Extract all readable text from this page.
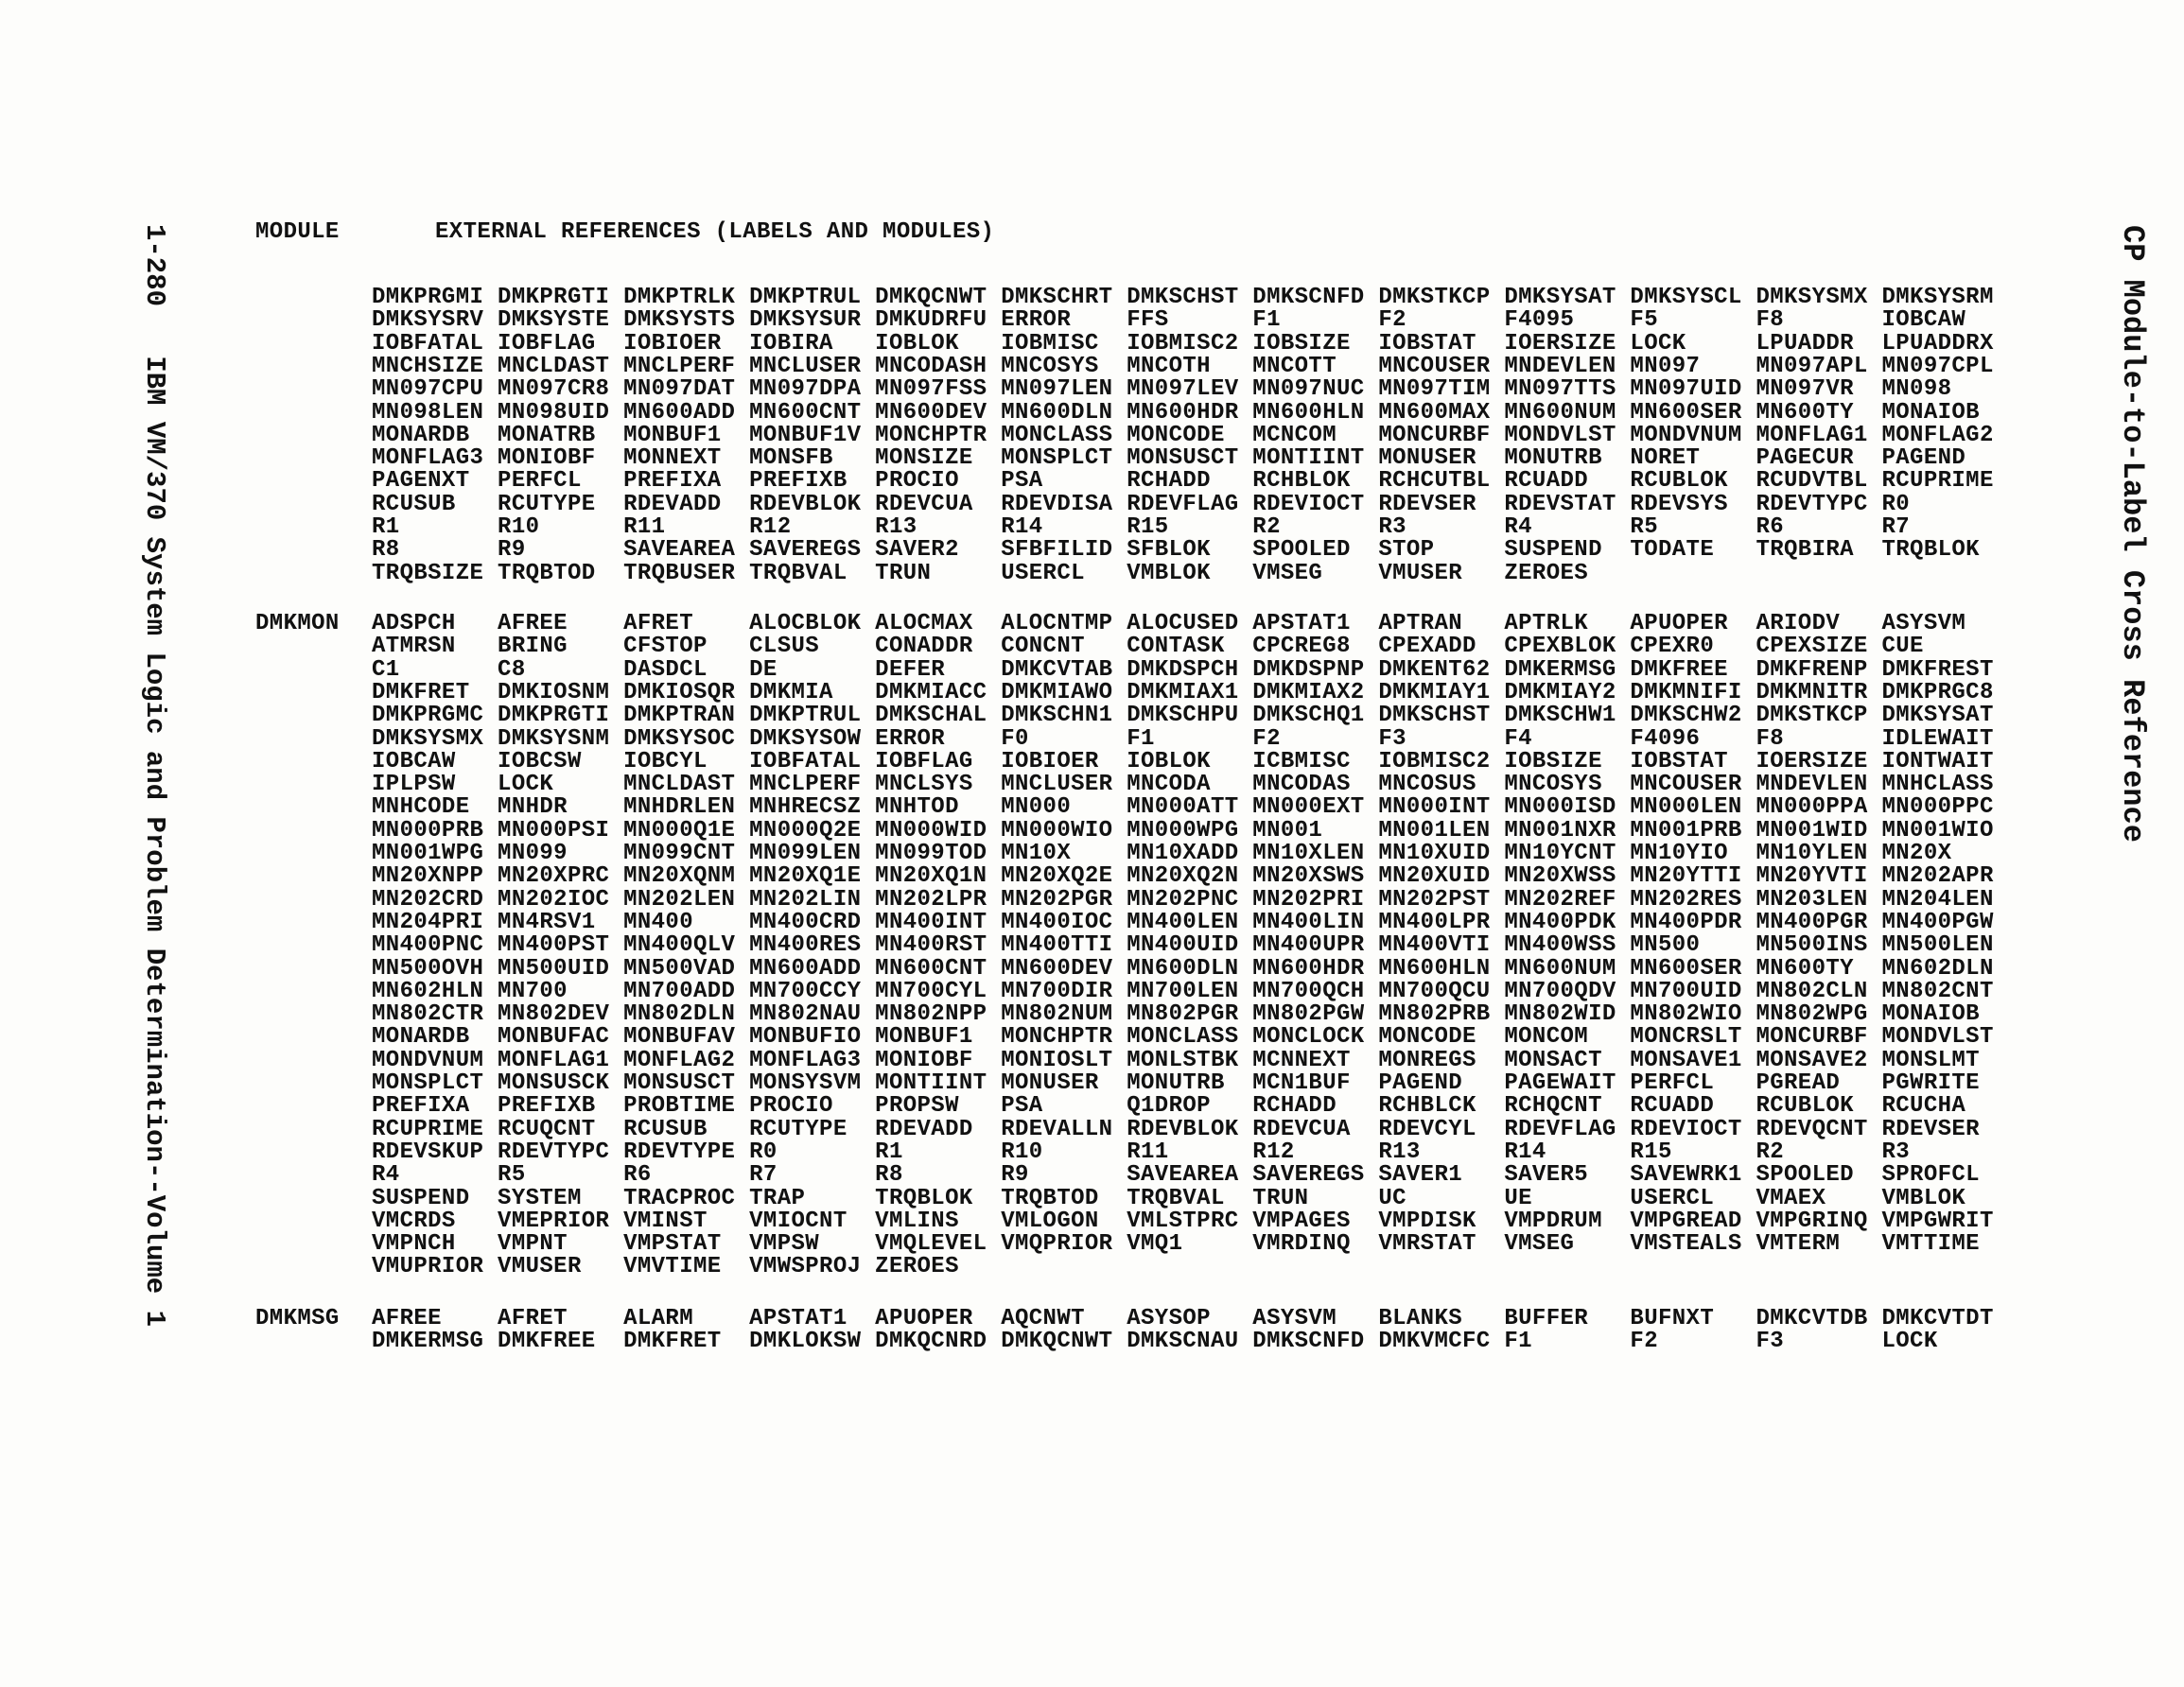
1-280   IBM VM/370 System Logic and Problem Determination--Volume 1	CP Module-to-Label Cross Reference
MODULE	EXTERNAL REFERENCES (LABELS AND MODULES)
DMKPRGMI DMKPRGTI DMKPTRLK DMKPTRUL DMKQCNWT DMKSCHRT DMKSCHST DMKSCNFD DMKSTKCP DMKSYSAT DMKSYSCL DMKSYSMX DMKSYSRM
DMKSYSRV DMKSYSTE DMKSYSTS DMKSYSUR DMKUDRFU ERROR    FFS      F1       F2       F4095    F5       F8       IOBCAW
IOBFATAL IOBFLAG  IOBIOER  IOBIRA   IOBLOK   IOBMISC  IOBMISC2 IOBSIZE  IOBSTAT  IOERSIZE LOCK     LPUADDR  LPUADDRX
MNCHSIZE MNCLDAST MNCLPERF MNCLUSER MNCODASH MNCOSYS  MNCOTH   MNCOTT   MNCOUSER MNDEVLEN MN097    MN097APL MN097CPL
MN097CPU MN097CR8 MN097DAT MN097DPA MN097FSS MN097LEN MN097LEV MN097NUC MN097TIM MN097TTS MN097UID MN097VR  MN098
MN098LEN MN098UID MN600ADD MN600CNT MN600DEV MN600DLN MN600HDR MN600HLN MN600MAX MN600NUM MN600SER MN600TY  MONAIOB
MONARDB  MONATRB  MONBUF1  MONBUF1V MONCHPTR MONCLASS MONCODE  MCNCOM   MONCURBF MONDVLST MONDVNUM MONFLAG1 MONFLAG2
MONFLAG3 MONIOBF  MONNEXT  MONSFB   MONSIZE  MONSPLCT MONSUSCT MONTIINT MONUSER  MONUTRB  NORET    PAGECUR  PAGEND
PAGENXT  PERFCL   PREFIXA  PREFIXB  PROCIO   PSA      RCHADD   RCHBLOK  RCHCUTBL RCUADD   RCUBLOK  RCUDVTBL RCUPRIME
RCUSUB   RCUTYPE  RDEVADD  RDEVBLOK RDEVCUA  RDEVDISA RDEVFLAG RDEVIOCT RDEVSER  RDEVSTAT RDEVSYS  RDEVTYPC R0
R1       R10      R11      R12      R13      R14      R15      R2       R3       R4       R5       R6       R7
R8       R9       SAVEAREA SAVEREGS SAVER2   SFBFILID SFBLOK   SPOOLED  STOP     SUSPEND  TODATE   TRQBIRA  TRQBLOK
TRQBSIZE TRQBTOD  TRQBUSER TRQBVAL  TRUN     USERCL   VMBLOK   VMSEG    VMUSER   ZEROES
DMKMON ADSPCH   AFREE    AFRET    ALOCBLOK ALOCMAX  ALOCNTMP ALOCUSED APSTAT1  APTRAN   APTRLK   APUOPER  ARIODV   ASYSVM
ATMRSN   BRING    CFSTOP   CLSUS    CONADDR  CONCNT   CONTASK  CPCREG8  CPEXADD  CPEXBLOK CPEXR0   CPEXSIZE CUE
C1       C8       DASDCL   DE       DEFER    DMKCVTAB DMKDSPCH DMKDSPNP DMKENT62 DMKERMSG DMKFREE  DMKFRENP DMKFREST
DMKFRET  DMKIOSNM DMKIOSQR DMKMIA   DMKMIACC DMKMIAWO DMKMIAX1 DMKMIAX2 DMKMIAY1 DMKMIAY2 DMKMNIFI DMKMNITR DMKPRGC8
DMKPRGMC DMKPRGTI DMKPTRAN DMKPTRUL DMKSCHAL DMKSCHN1 DMKSCHPU DMKSCHQ1 DMKSCHST DMKSCHW1 DMKSCHW2 DMKSTKCP DMKSYSAT
DMKSYSMX DMKSYSNM DMKSYSOC DMKSYSOW ERROR    F0       F1       F2       F3       F4       F4096    F8       IDLEWAIT
IOBCAW   IOBCSW   IOBCYL   IOBFATAL IOBFLAG  IOBIOER  IOBLOK   ICBMISC  IOBMISC2 IOBSIZE  IOBSTAT  IOERSIZE IONTWAIT
IPLPSW   LOCK     MNCLDAST MNCLPERF MNCLSYS  MNCLUSER MNCODA   MNCODAS  MNCOSUS  MNCOSYS  MNCOUSER MNDEVLEN MNHCLASS
MNHCODE  MNHDR    MNHDRLEN MNHRECSZ MNHTOD   MN000    MN000ATT MN000EXT MN000INT MN000ISD MN000LEN MN000PPA MN000PPC
MN000PRB MN000PSI MN000Q1E MN000Q2E MN000WID MN000WIO MN000WPG MN001    MN001LEN MN001NXR MN001PRB MN001WID MN001WIO
MN001WPG MN099    MN099CNT MN099LEN MN099TOD MN10X    MN10XADD MN10XLEN MN10XUID MN10YCNT MN10YIO  MN10YLEN MN20X
MN20XNPP MN20XPRC MN20XQNM MN20XQ1E MN20XQ1N MN20XQ2E MN20XQ2N MN20XSWS MN20XUID MN20XWSS MN20YTTI MN20YVTI MN202APR
MN202CRD MN202IOC MN202LEN MN202LIN MN202LPR MN202PGR MN202PNC MN202PRI MN202PST MN202REF MN202RES MN203LEN MN204LEN
MN204PRI MN4RSV1  MN400    MN400CRD MN400INT MN400IOC MN400LEN MN400LIN MN400LPR MN400PDK MN400PDR MN400PGR MN400PGW
MN400PNC MN400PST MN400QLV MN400RES MN400RST MN400TTI MN400UID MN400UPR MN400VTI MN400WSS MN500    MN500INS MN500LEN
MN500OVH MN500UID MN500VAD MN600ADD MN600CNT MN600DEV MN600DLN MN600HDR MN600HLN MN600NUM MN600SER MN600TY  MN602DLN
MN602HLN MN700    MN700ADD MN700CCY MN700CYL MN700DIR MN700LEN MN700QCH MN700QCU MN700QDV MN700UID MN802CLN MN802CNT
MN802CTR MN802DEV MN802DLN MN802NAU MN802NPP MN802NUM MN802PGR MN802PGW MN802PRB MN802WID MN802WIO MN802WPG MONAIOB
MONARDB  MONBUFAC MONBUFAV MONBUFIO MONBUF1  MONCHPTR MONCLASS MONCLOCK MONCODE  MONCOM   MONCRSLT MONCURBF MONDVLST
MONDVNUM MONFLAG1 MONFLAG2 MONFLAG3 MONIOBF  MONIOSLT MONLSTBK MCNNEXT  MONREGS  MONSACT  MONSAVE1 MONSAVE2 MONSLMT
MONSPLCT MONSUSCK MONSUSCT MONSYSVM MONTIINT MONUSER  MONUTRB  MCN1BUF  PAGEND   PAGEWAIT PERFCL   PGREAD   PGWRITE
PREFIXA  PREFIXB  PROBTIME PROCIO   PROPSW   PSA      Q1DROP   RCHADD   RCHBLCK  RCHQCNT  RCUADD   RCUBLOK  RCUCHA
RCUPRIME RCUQCNT  RCUSUB   RCUTYPE  RDEVADD  RDEVALLN RDEVBLOK RDEVCUA  RDEVCYL  RDEVFLAG RDEVIOCT RDEVQCNT RDEVSER
RDEVSKUP RDEVTYPC RDEVTYPE R0       R1       R10      R11      R12      R13      R14      R15      R2       R3
R4       R5       R6       R7       R8       R9       SAVEAREA SAVEREGS SAVER1   SAVER5   SAVEWRK1 SPOOLED  SPROFCL
SUSPEND  SYSTEM   TRACPROC TRAP     TRQBLOK  TRQBTOD  TRQBVAL  TRUN     UC       UE       USERCL   VMAEX    VMBLOK
VMCRDS   VMEPRIOR VMINST   VMIOCNT  VMLINS   VMLOGON  VMLSTPRC VMPAGES  VMPDISK  VMPDRUM  VMPGREAD VMPGRINQ VMPGWRIT
VMPNCH   VMPNT    VMPSTAT  VMPSW    VMQLEVEL VMQPRIOR VMQ1     VMRDINQ  VMRSTAT  VMSEG    VMSTEALS VMTERM   VMTTIME
VMUPRIOR VMUSER   VMVTIME  VMWSPROJ ZEROES
DMKMSG AFREE    AFRET    ALARM    APSTAT1  APUOPER  AQCNWT   ASYSOP   ASYSVM   BLANKS   BUFFER   BUFNXT   DMKCVTDB DMKCVTDT
DMKERMSG DMKFREE  DMKFRET  DMKLOKSW DMKQCNRD DMKQCNWT DMKSCNAU DMKSCNFD DMKVMCFC F1       F2       F3       LOCK
